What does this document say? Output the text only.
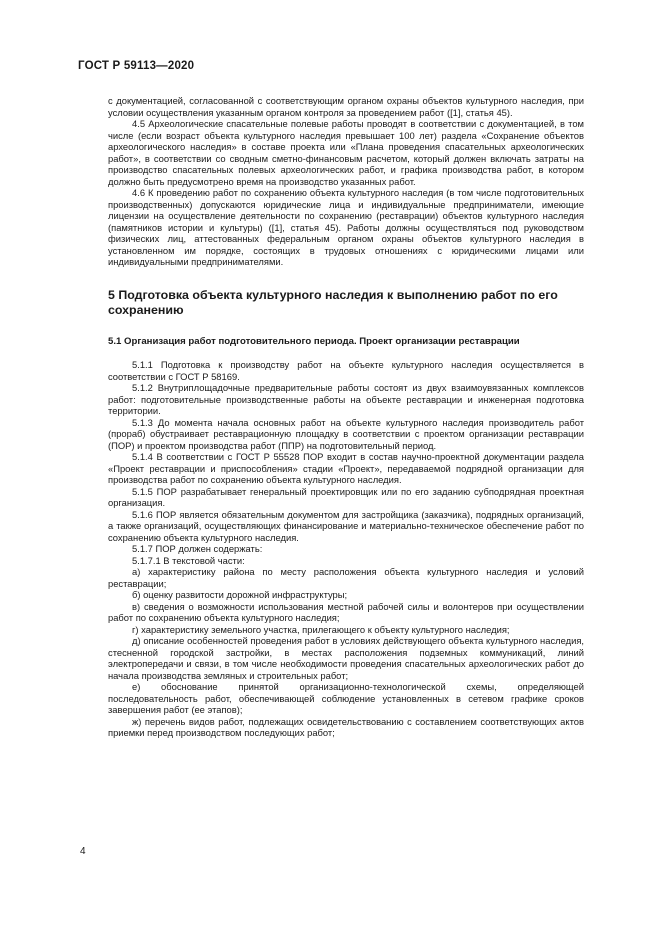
ГОСТ Р 59113—2020

с документацией, согласованной с соответствующим органом охраны объектов культурного наследия, при условии осуществления указанным органом контроля за проведением работ ([1], статья 45).

4.5 Археологические спасательные полевые работы проводят в соответствии с документацией, в том числе (если возраст объекта культурного наследия превышает 100 лет) раздела «Сохранение объектов археологического наследия» в составе проекта или «Плана проведения спасательных археологических работ», в соответствии со сводным сметно-финансовым расчетом, который должен включать затраты на производство спасательных полевых археологических работ, и графика производства работ, в котором должно быть предусмотрено время на производство указанных работ.

4.6 К проведению работ по сохранению объекта культурного наследия (в том числе подготовительных производственных) допускаются юридические лица и индивидуальные предприниматели, имеющие лицензии на осуществление деятельности по сохранению (реставрации) объектов культурного наследия (памятников истории и культуры) ([1], статья 45). Работы должны осуществляться под руководством физических лиц, аттестованных федеральным органом охраны объектов культурного наследия в установленном им порядке, состоящих в трудовых отношениях с юридическими лицами или индивидуальными предпринимателями.

5 Подготовка объекта культурного наследия к выполнению работ по его сохранению

5.1 Организация работ подготовительного периода. Проект организации реставрации

5.1.1 Подготовка к производству работ на объекте культурного наследия осуществляется в соответствии с ГОСТ Р 58169.

5.1.2 Внутриплощадочные предварительные работы состоят из двух взаимоувязанных комплексов работ: подготовительные производственные работы на объекте реставрации и инженерная подготовка территории.

5.1.3 До момента начала основных работ на объекте культурного наследия производитель работ (прораб) обустраивает реставрационную площадку в соответствии с проектом организации реставрации (ПОР) и проектом производства работ (ППР) на подготовительный период.

5.1.4 В соответствии с ГОСТ Р 55528 ПОР входит в состав научно-проектной документации раздела «Проект реставрации и приспособления» стадии «Проект», передаваемой подрядной организации для производства работ по сохранению объекта культурного наследия.

5.1.5 ПОР разрабатывает генеральный проектировщик или по его заданию субподрядная проектная организация.

5.1.6 ПОР является обязательным документом для застройщика (заказчика), подрядных организаций, а также организаций, осуществляющих финансирование и материально-техническое обеспечение работ по сохранению объекта культурного наследия.

5.1.7 ПОР должен содержать:

5.1.7.1 В текстовой части:

а) характеристику района по месту расположения объекта культурного наследия и условий реставрации;

б) оценку развитости дорожной инфраструктуры;

в) сведения о возможности использования местной рабочей силы и волонтеров при осуществлении работ по сохранению объекта культурного наследия;

г) характеристику земельного участка, прилегающего к объекту культурного наследия;

д) описание особенностей проведения работ в условиях действующего объекта культурного наследия, стесненной городской застройки, в местах расположения подземных коммуникаций, линий электропередачи и связи, в том числе необходимости проведения спасательных археологических работ до начала производства земляных и строительных работ;

е) обоснование принятой организационно-технологической схемы, определяющей последовательность работ, обеспечивающей соблюдение установленных в сетевом графике сроков завершения работ (ее этапов);

ж) перечень видов работ, подлежащих освидетельствованию с составлением соответствующих актов приемки перед производством последующих работ;

4
